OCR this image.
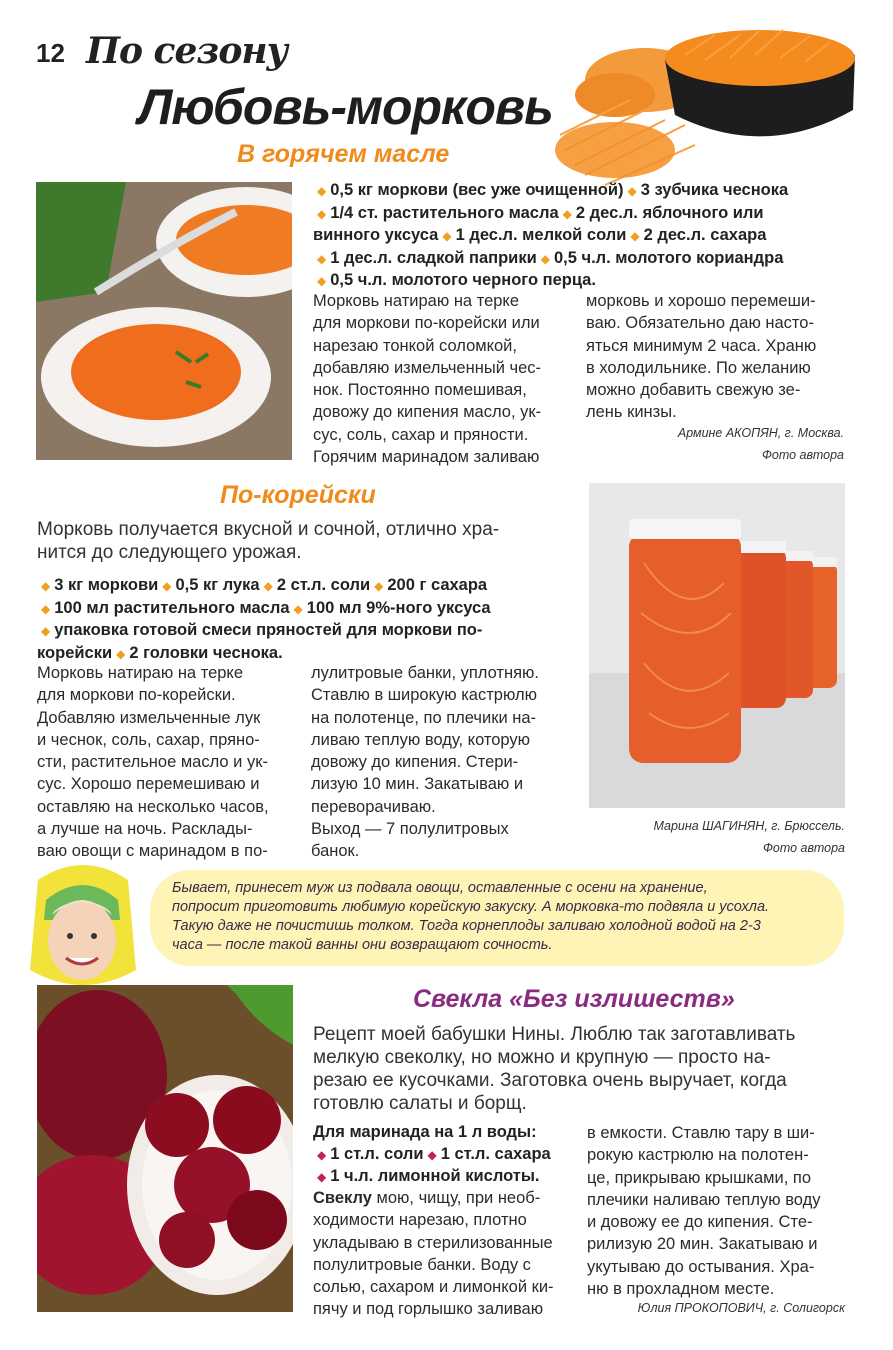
12 По сезону
Любовь-морковь
В горячем масле
◆ 0,5 кг моркови (вес уже очищенной) ◆ 3 зубчика чеснока
◆ 1/4 ст. растительного масла ◆ 2 дес.л. яблочного или
винного уксуса ◆ 1 дес.л. мелкой соли ◆ 2 дес.л. сахара
◆ 1 дес.л. сладкой паприки ◆ 0,5 ч.л. молотого кориандра
◆ 0,5 ч.л. молотого черного перца.
Морковь натираю на терке
для моркови по-корейски или
нарезаю тонкой соломкой,
добавляю измельченный чес-
нок. Постоянно помешивая,
довожу до кипения масло, ук-
сус, соль, сахар и пряности.
Горячим маринадом заливаю
морковь и хорошо перемеши-
ваю. Обязательно даю насто-
яться минимум 2 часа. Храню
в холодильнике. По желанию
можно добавить свежую зе-
лень кинзы.
Армине АКОПЯН, г. Москва.
Фото автора
По-корейски
Морковь получается вкусной и сочной, отлично хра-
нится до следующего урожая.
◆ 3 кг моркови ◆ 0,5 кг лука ◆ 2 ст.л. соли ◆ 200 г сахара
◆ 100 мл растительного масла ◆ 100 мл 9%-ного уксуса
◆ упаковка готовой смеси пряностей для моркови по-
корейски ◆ 2 головки чеснока.
Морковь натираю на терке
для моркови по-корейски.
Добавляю измельченные лук
и чеснок, соль, сахар, пряно-
сти, растительное масло и ук-
сус. Хорошо перемешиваю и
оставляю на несколько часов,
а лучше на ночь. Расклады-
ваю овощи с маринадом в по-
лулитровые банки, уплотняю.
Ставлю в широкую кастрюлю
на полотенце, по плечики на-
ливаю теплую воду, которую
довожу до кипения. Стери-
лизую 10 мин. Закатываю и
переворачиваю.
Выход — 7 полулитровых
банок.
Марина ШАГИНЯН, г. Брюссель.
Фото автора
Бывает, принесет муж из подвала овощи, оставленные с осени на хранение,
попросит приготовить любимую корейскую закуску. А морковка-то подвяла и усохла.
Такую даже не почистишь толком. Тогда корнеплоды заливаю холодной водой на 2-3
часа — после такой ванны они возвращают сочность.
Свекла «Без излишеств»
Рецепт моей бабушки Нины. Люблю так заготавливать
мелкую свеколку, но можно и крупную — просто на-
резаю ее кусочками. Заготовка очень выручает, когда
готовлю салаты и борщ.
Для маринада на 1 л воды:
◆ 1 ст.л. соли ◆ 1 ст.л. сахара
◆ 1 ч.л. лимонной кислоты.
Свеклу мою, чищу, при необ-
ходимости нарезаю, плотно
укладываю в стерилизованные
полулитровые банки. Воду с
солью, сахаром и лимонкой ки-
пячу и под горлышко заливаю
в емкости. Ставлю тару в ши-
рокую кастрюлю на полотен-
це, прикрываю крышками, по
плечики наливаю теплую воду
и довожу ее до кипения. Сте-
рилизую 20 мин. Закатываю и
укутываю до остывания. Хра-
ню в прохладном месте.
Юлия ПРОКОПОВИЧ, г. Солигорск
